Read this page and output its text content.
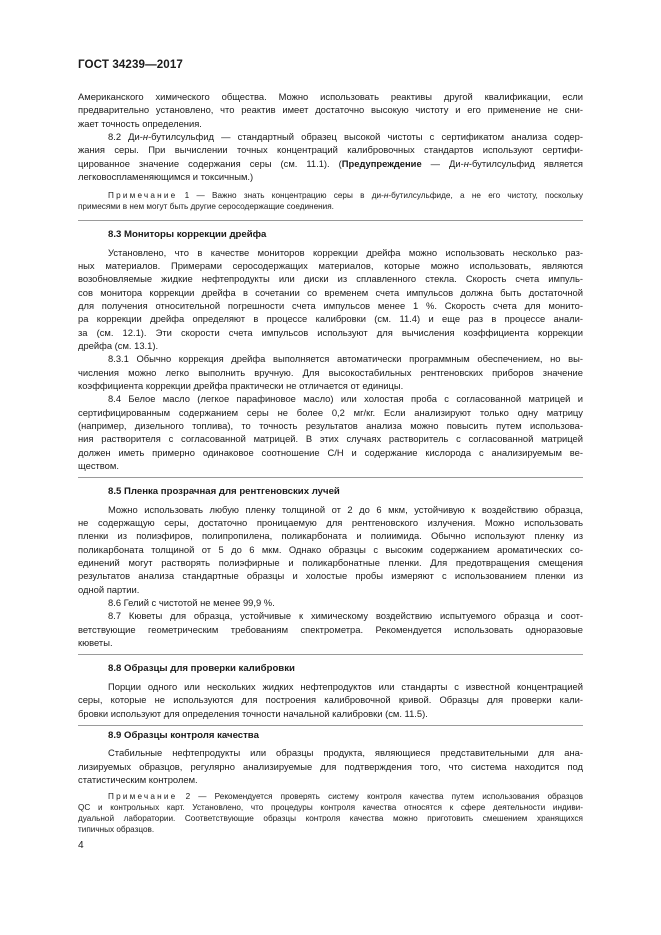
ГОСТ 34239—2017
Американского химического общества. Можно использовать реактивы другой квалификации, если
предварительно установлено, что реактив имеет достаточно высокую чистоту и его применение не сни-
жает точность определения.
8.2 Ди-н-бутилсульфид — стандартный образец высокой чистоты с сертификатом анализа содер-
жания серы. При вычислении точных концентраций калибровочных стандартов используют сертифи-
цированное значение содержания серы (см. 11.1). (Предупреждение — Ди-н-бутилсульфид является
легковоспламеняющимся и токсичным.)
Примечание 1 — Важно знать концентрацию серы в ди-н-бутилсульфиде, а не его чистоту, поскольку
примесями в нем могут быть другие серосодержащие соединения.
8.3 Мониторы коррекции дрейфа
Установлено, что в качестве мониторов коррекции дрейфа можно использовать несколько раз-
ных материалов. Примерами серосодержащих материалов, которые можно использовать, являются
возобновляемые жидкие нефтепродукты или диски из сплавленного стекла. Скорость счета импуль-
сов монитора коррекции дрейфа в сочетании со временем счета импульсов должна быть достаточной
для получения относительной погрешности счета импульсов менее 1 %. Скорость счета для монито-
ра коррекции дрейфа определяют в процессе калибровки (см. 11.4) и еще раз в процессе анали-
за (см. 12.1). Эти скорости счета импульсов используют для вычисления коэффициента коррекции
дрейфа (см. 13.1).
8.3.1 Обычно коррекция дрейфа выполняется автоматически программным обеспечением, но вы-
числения можно легко выполнить вручную. Для высокостабильных рентгеновских приборов значение
коэффициента коррекции дрейфа практически не отличается от единицы.
8.4 Белое масло (легкое парафиновое масло) или холостая проба с согласованной матрицей и
сертифицированным содержанием серы не более 0,2 мг/кг. Если анализируют только одну матрицу
(например, дизельного топлива), то точность результатов анализа можно повысить путем использова-
ния растворителя с согласованной матрицей. В этих случаях растворитель с согласованной матрицей
должен иметь примерно одинаковое соотношение С/Н и содержание кислорода с анализируемым ве-
ществом.
8.5 Пленка прозрачная для рентгеновских лучей
Можно использовать любую пленку толщиной от 2 до 6 мкм, устойчивую к воздействию образца,
не содержащую серы, достаточно проницаемую для рентгеновского излучения. Можно использовать
пленки из полиэфиров, полипропилена, поликарбоната и полиимида. Обычно используют пленку из
поликарбоната толщиной от 5 до 6 мкм. Однако образцы с высоким содержанием ароматических со-
единений могут растворять полиэфирные и поликарбонатные пленки. Для предотвращения смещения
результатов анализа стандартные образцы и холостые пробы измеряют с использованием пленки из
одной партии.
8.6 Гелий с чистотой не менее 99,9 %.
8.7 Кюветы для образца, устойчивые к химическому воздействию испытуемого образца и соот-
ветствующие геометрическим требованиям спектрометра. Рекомендуется использовать одноразовые
кюветы.
8.8 Образцы для проверки калибровки
Порции одного или нескольких жидких нефтепродуктов или стандарты с известной концентрацией
серы, которые не используются для построения калибровочной кривой. Образцы для проверки кали-
бровки используют для определения точности начальной калибровки (см. 11.5).
8.9 Образцы контроля качества
4
Стабильные нефтепродукты или образцы продукта, являющиеся представительными для ана-
лизируемых образцов, регулярно анализируемые для подтверждения того, что система находится под
статистическим контролем.
Примечание 2 — Рекомендуется проверять систему контроля качества путем использования образцов
QC и контрольных карт. Установлено, что процедуры контроля качества относятся к сфере деятельности индиви-
дуальной лаборатории. Соответствующие образцы контроля качества можно приготовить смешением хранящихся
типичных образцов.
